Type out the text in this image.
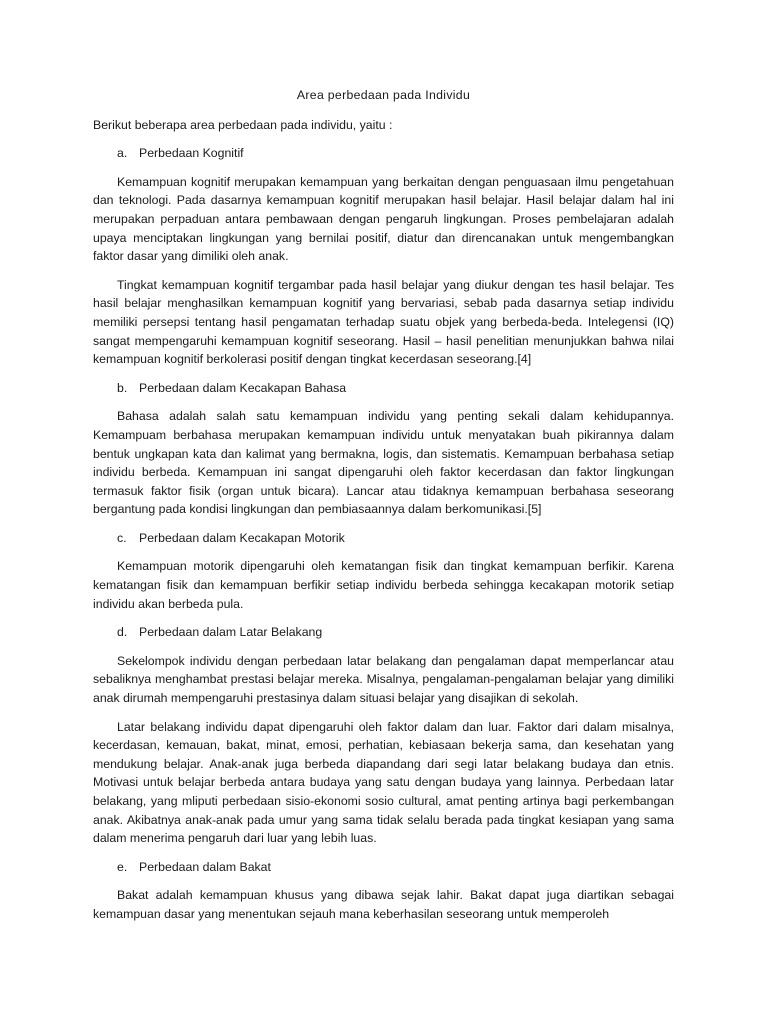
Area perbedaan pada Individu
Berikut beberapa area perbedaan pada individu, yaitu :
a. Perbedaan Kognitif

Kemampuan kognitif merupakan kemampuan yang berkaitan dengan penguasaan ilmu pengetahuan dan teknologi. Pada dasarnya kemampuan kognitif merupakan hasil belajar. Hasil belajar dalam hal ini merupakan perpaduan antara pembawaan dengan pengaruh lingkungan. Proses pembelajaran adalah upaya menciptakan lingkungan yang bernilai positif, diatur dan direncanakan untuk mengembangkan faktor dasar yang dimiliki oleh anak.

Tingkat kemampuan kognitif tergambar pada hasil belajar yang diukur dengan tes hasil belajar. Tes hasil belajar menghasilkan kemampuan kognitif yang bervariasi, sebab pada dasarnya setiap individu memiliki persepsi tentang hasil pengamatan terhadap suatu objek yang berbeda-beda. Intelegensi (IQ) sangat mempengaruhi kemampuan kognitif seseorang. Hasil – hasil penelitian menunjukkan bahwa nilai kemampuan kognitif berkolerasi positif dengan tingkat kecerdasan seseorang.[4]

b. Perbedaan dalam Kecakapan Bahasa

Bahasa adalah salah satu kemampuan individu yang penting sekali dalam kehidupannya. Kemampuam berbahasa merupakan kemampuan individu untuk menyatakan buah pikirannya dalam bentuk ungkapan kata dan kalimat yang bermakna, logis, dan sistematis. Kemampuan berbahasa setiap individu berbeda. Kemampuan ini sangat dipengaruhi oleh faktor kecerdasan dan faktor lingkungan termasuk faktor fisik (organ untuk bicara). Lancar atau tidaknya kemampuan berbahasa seseorang bergantung pada kondisi lingkungan dan pembiasaannya dalam berkomunikasi.[5]

c. Perbedaan dalam Kecakapan Motorik

Kemampuan motorik dipengaruhi oleh kematangan fisik dan tingkat kemampuan berfikir. Karena kematangan fisik dan kemampuan berfikir setiap individu berbeda sehingga kecakapan motorik setiap individu akan berbeda pula.

d. Perbedaan dalam Latar Belakang

Sekelompok individu dengan perbedaan latar belakang dan pengalaman dapat memperlancar atau sebaliknya menghambat prestasi belajar mereka. Misalnya, pengalaman-pengalaman belajar yang dimiliki anak dirumah mempengaruhi prestasinya dalam situasi belajar yang disajikan di sekolah.

Latar belakang individu dapat dipengaruhi oleh faktor dalam dan luar. Faktor dari dalam misalnya, kecerdasan, kemauan, bakat, minat, emosi, perhatian, kebiasaan bekerja sama, dan kesehatan yang mendukung belajar. Anak-anak juga berbeda diapandang dari segi latar belakang budaya dan etnis. Motivasi untuk belajar berbeda antara budaya yang satu dengan budaya yang lainnya. Perbedaan latar belakang, yang mliputi perbedaan sisio-ekonomi sosio cultural, amat penting artinya bagi perkembangan anak. Akibatnya anak-anak pada umur yang sama tidak selalu berada pada tingkat kesiapan yang sama dalam menerima pengaruh dari luar yang lebih luas.

e. Perbedaan dalam Bakat

Bakat adalah kemampuan khusus yang dibawa sejak lahir. Bakat dapat juga diartikan sebagai kemampuan dasar yang menentukan sejauh mana keberhasilan seseorang untuk memperoleh
